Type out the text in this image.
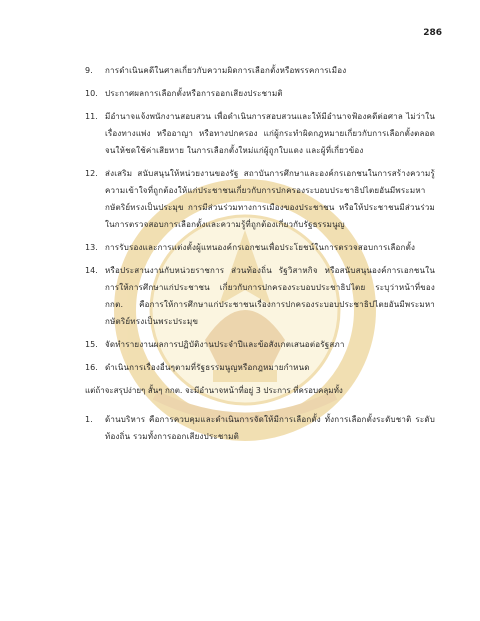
286
9.	การดำเนินคดีในศาลเกี่ยวกับความผิดการเลือกตั้งหรือพรรคการเมือง
10. ประกาศผลการเลือกตั้งหรือการออกเสียงประชามติ
11. มีอำนาจแจ้งพนักงานสอบสวน เพื่อดำเนินการสอบสวนและให้มีอำนาจฟ้องคดีต่อศาล ไม่ว่าในเรื่องทางแพ่ง หรืออาญา หรือทางปกครอง แก่ผู้กระทำผิดกฎหมายเกี่ยวกับการเลือกตั้งตลอดจนให้ชดใช้ค่าเสียหาย ในการเลือกตั้งใหม่แก่ผู้ถูกใบแดง และผู้ที่เกี่ยวข้อง
12. ส่งเสริม สนับสนุนให้หน่วยงานของรัฐ สถาบันการศึกษาและองค์กรเอกชนในการสร้างความรู้ความเข้าใจที่ถูกต้องให้แก่ประชาชนเกี่ยวกับการปกครองระบอบประชาธิปไตยอันมีพระมหากษัตริย์ทรงเป็นประมุข การมีส่วนร่วมทางการเมืองของประชาชน หรือให้ประชาชนมีส่วนร่วมในการตรวจสอบการเลือกตั้งและความรู้ที่ถูกต้องเกี่ยวกับรัฐธรรมนูญ
13. การรับรองและการแต่งตั้งผู้แทนองค์กรเอกชนเพื่อประโยชน์ในการตรวจสอบการเลือกตั้ง
14. หรือประสานงานกับหน่วยราชการ ส่วนท้องถิ่น รัฐวิสาหกิจ หรือสนับสนุนองค์การเอกชนในการให้การศึกษาแก่ประชาชน เกี่ยวกับการปกครองระบอบประชาธิปไตย ระบุว่าหน้าที่ของ กกต. คือการให้การศึกษาแก่ประชาชนเรื่องการปกครองระบอบประชาธิปไตยอันมีพระมหากษัตริย์ทรงเป็นพระประมุข
15. จัดทำรายงานผลการปฏิบัติงานประจำปีและข้อสังเกตเสนอต่อรัฐสภา
16. ดำเนินการเรื่องอื่นๆตามที่รัฐธรรมนูญหรือกฎหมายกำหนด
แต่ถ้าจะสรุปง่ายๆ สั้นๆ กกต. จะมีอำนาจหน้าที่อยู่ 3 ประการ ที่ครอบคลุมทั้ง
1.	ด้านบริหาร คือการควบคุมและดำเนินการจัดให้มีการเลือกตั้ง ทั้งการเลือกตั้งระดับชาติ ระดับท้องถิ่น รวมทั้งการออกเสียงประชามติ
